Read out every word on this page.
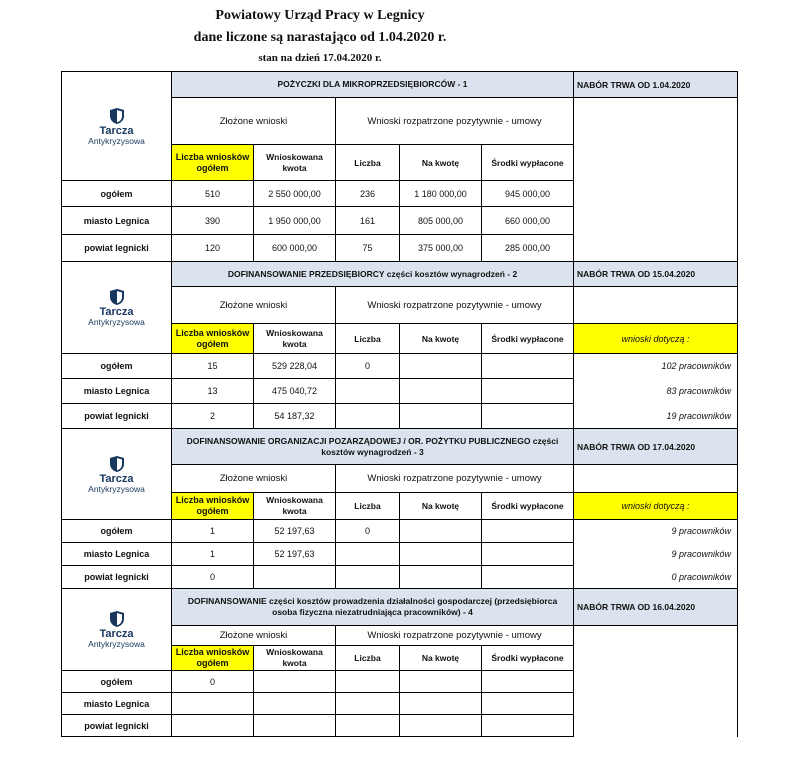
Powiatowy Urząd Pracy w Legnicy
dane liczone są narastająco od 1.04.2020 r.
stan na dzień 17.04.2020 r.
Tarcza
Antykryzysowa	POŻYCZKI DLA MIKROPRZEDSIĘBIORCÓW - 1					NABÓR TRWA OD 1.04.2020
	Złożone wnioski		Wnioski rozpatrzone pozytywnie - umowy			
	Liczba wniosków ogółem	Wnioskowana kwota	Liczba	Na kwotę	Środki wypłacone	
ogółem	510	2 550 000,00	236	1 180 000,00	945 000,00	
miasto Legnica	390	1 950 000,00	161	805 000,00	660 000,00	
powiat legnicki	120	600 000,00	75	375 000,00	285 000,00	

Tarcza
Antykryzysowa	DOFINANSOWANIE PRZEDSIĘBIORCY części kosztów wynagrodzeń - 2					NABÓR TRWA OD 15.04.2020
	Złożone wnioski		Wnioski rozpatrzone pozytywnie - umowy			
	Liczba wniosków ogółem	Wnioskowana kwota	Liczba	Na kwotę	Środki wypłacone	wnioski dotyczą :
ogółem	15	529 228,04	0			102 pracowników
miasto Legnica	13	475 040,72				83 pracowników
powiat legnicki	2	54 187,32				19 pracowników

Tarcza
Antykryzysowa	DOFINANSOWANIE ORGANIZACJI POZARZĄDOWEJ / OR. POŻYTKU PUBLICZNEGO części kosztów wynagrodzeń - 3					NABÓR TRWA OD 17.04.2020
	Złożone wnioski		Wnioski rozpatrzone pozytywnie - umowy			
	Liczba wniosków ogółem	Wnioskowana kwota	Liczba	Na kwotę	Środki wypłacone	wnioski dotyczą :
ogółem	1	52 197,63	0			9 pracowników
miasto Legnica	1	52 197,63				9 pracowników
powiat legnicki	0					0 pracowników

Tarcza
Antykryzysowa	DOFINANSOWANIE części kosztów prowadzenia działalności gospodarczej (przedsiębiorca osoba fizyczna niezatrudniająca pracowników) - 4					NABÓR TRWA OD 16.04.2020
	Złożone wnioski		Wnioski rozpatrzone pozytywnie - umowy			
	Liczba wniosków ogółem	Wnioskowana kwota	Liczba	Na kwotę	Środki wypłacone	
ogółem	0					
miasto Legnica						
powiat legnicki						
